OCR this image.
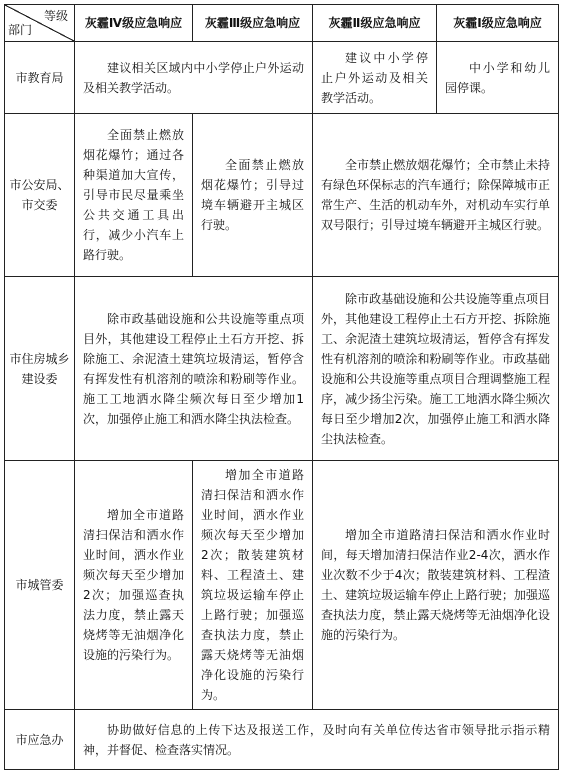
等级
部门	灰霾Ⅳ级应急响应	灰霾Ⅲ级应急响应	灰霾Ⅱ级应急响应	灰霾Ⅰ级应急响应
市教育局	建议相关区域内中小学停止户外运动及相关教学活动。		建议中小学停止户外运动及相关教学活动。	中小学和幼儿园停课。
市公安局、市交委	全面禁止燃放烟花爆竹；通过各种渠道加大宣传，引导市民尽量乘坐公共交通工具出行，减少小汽车上路行驶。	全面禁止燃放烟花爆竹；引导过境车辆避开主城区行驶。	全市禁止燃放烟花爆竹；全市禁止未持有绿色环保标志的汽车通行；除保障城市正常生产、生活的机动车外，对机动车实行单双号限行；引导过境车辆避开主城区行驶。	
市住房城乡建设委	除市政基础设施和公共设施等重点项目外，其他建设工程停止土石方开挖、拆除施工、余泥渣土建筑垃圾清运，暂停含有挥发性有机溶剂的喷涂和粉刷等作业。施工工地洒水降尘频次每日至少增加1次，加强停止施工和洒水降尘执法检查。		除市政基础设施和公共设施等重点项目外，其他建设工程停止土石方开挖、拆除施工、余泥渣土建筑垃圾清运，暂停含有挥发性有机溶剂的喷涂和粉刷等作业。市政基础设施和公共设施等重点项目合理调整施工程序，减少扬尘污染。施工工地洒水降尘频次每日至少增加2次，加强停止施工和洒水降尘执法检查。	
市城管委	增加全市道路清扫保洁和洒水作业时间，洒水作业频次每天至少增加2次；加强巡查执法力度，禁止露天烧烤等无油烟净化设施的污染行为。	增加全市道路清扫保洁和洒水作业时间，洒水作业频次每天至少增加2次；散装建筑材料、工程渣土、建筑垃圾运输车停止上路行驶；加强巡查执法力度，禁止露天烧烤等无油烟净化设施的污染行为。	增加全市道路清扫保洁和洒水作业时间，每天增加清扫保洁作业2-4次，洒水作业次数不少于4次；散装建筑材料、工程渣土、建筑垃圾运输车停止上路行驶；加强巡查执法力度，禁止露天烧烤等无油烟净化设施的污染行为。	
市应急办	协助做好信息的上传下达及报送工作，及时向有关单位传达省市领导批示指示精神，并督促、检查落实情况。			
